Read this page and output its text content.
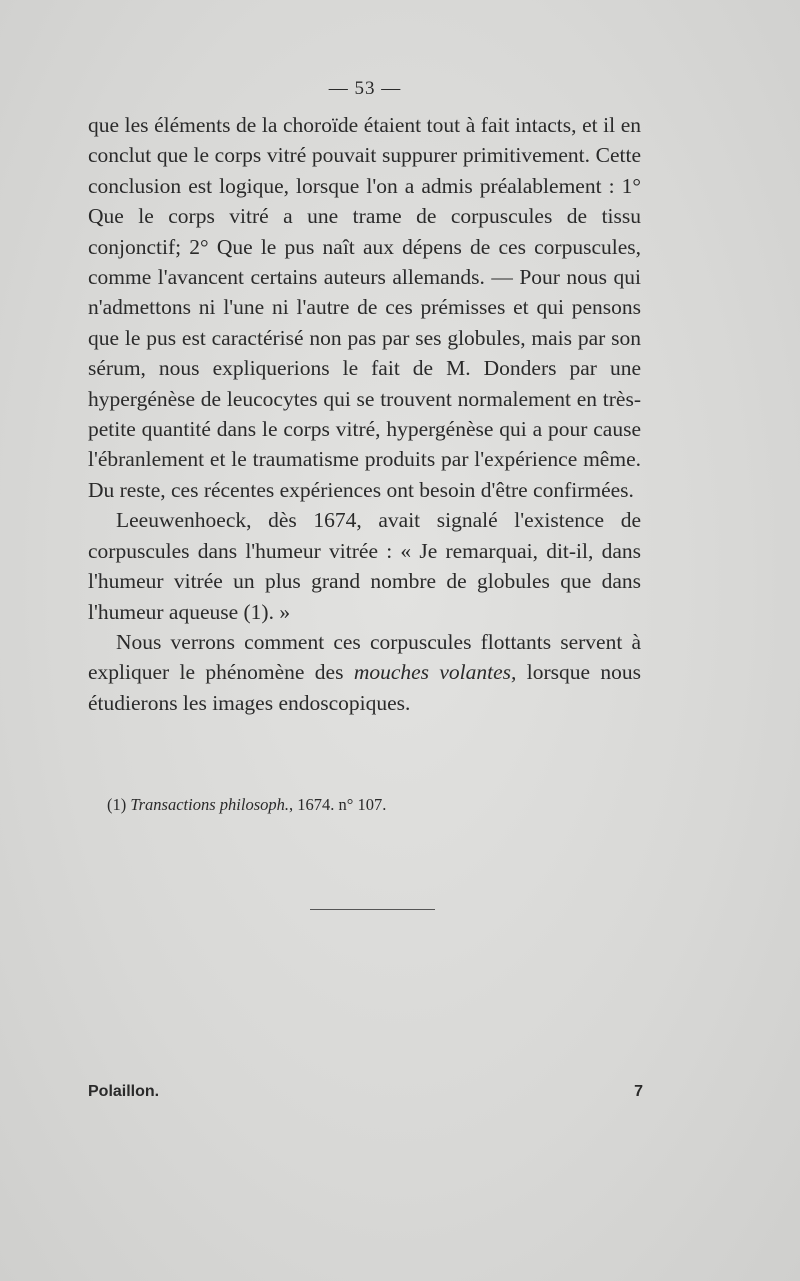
— 53 —

que les éléments de la choroïde étaient tout à fait intacts, et il en conclut que le corps vitré pouvait suppurer primitivement. Cette conclusion est logique, lorsque l'on a admis préalablement : 1° Que le corps vitré a une trame de corpuscules de tissu conjonctif; 2° Que le pus naît aux dépens de ces corpuscules, comme l'avancent certains auteurs allemands. — Pour nous qui n'admettons ni l'une ni l'autre de ces prémisses et qui pensons que le pus est caractérisé non pas par ses globules, mais par son sérum, nous expliquerions le fait de M. Donders par une hypergénèse de leucocytes qui se trouvent normalement en très-petite quantité dans le corps vitré, hypergénèse qui a pour cause l'ébranlement et le traumatisme produits par l'expérience même. Du reste, ces récentes expériences ont besoin d'être confirmées.

Leeuwenhoeck, dès 1674, avait signalé l'existence de corpuscules dans l'humeur vitrée : « Je remarquai, dit-il, dans l'humeur vitrée un plus grand nombre de globules que dans l'humeur aqueuse (1). »

Nous verrons comment ces corpuscules flottants servent à expliquer le phénomène des mouches volantes, lorsque nous étudierons les images endoscopiques.

(1) Transactions philosoph., 1674. n° 107.
Polaillon.	7
